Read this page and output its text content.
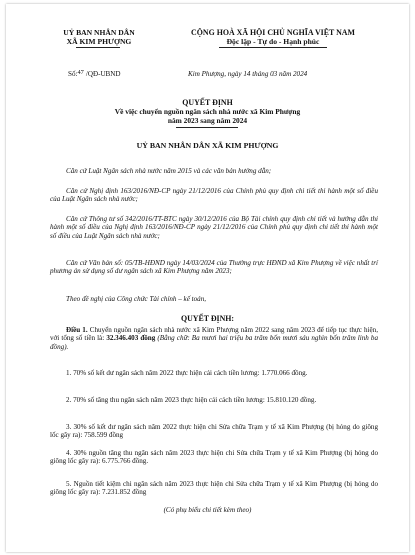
UỶ BAN NHÂN DÂN
XÃ KIM PHƯỢNG
CỘNG HOÀ XÃ HỘI CHỦ NGHĨA VIỆT NAM
Độc lập - Tự do - Hạnh phúc
Số:47 /QĐ-UBND	Kim Phượng, ngày 14 tháng 03 năm 2024
QUYẾT ĐỊNH
Về việc chuyển nguồn ngân sách nhà nước xã Kim Phượng
năm 2023 sang năm 2024
UỶ BAN NHÂN DÂN XÃ KIM PHƯỢNG

Căn cứ Luật Ngân sách nhà nước năm 2015 và các văn bản hướng dẫn;

Căn cứ Nghị định 163/2016/NĐ-CP ngày 21/12/2016 của Chính phủ quy định chi tiết thi hành một số điều của Luật Ngân sách nhà nước;

Căn cứ Thông tư số 342/2016/TT-BTC ngày 30/12/2016 của Bộ Tài chính quy định chi tiết và hướng dẫn thi hành một số điều của Nghị định 163/2016/NĐ-CP ngày 21/12/2016 của Chính phủ quy định chi tiết thi hành một số điều của Luật Ngân sách nhà nước;

Căn cứ Văn bản số: 05/TB-HĐND ngày 14/03/2024 của Thường trực HĐND xã Kim Phượng về việc nhất trí phương án sử dụng số dư ngân sách xã Kim Phượng năm 2023;

Theo đề nghị của Công chức Tài chính – kế toán,

QUYẾT ĐỊNH:

Điều 1. Chuyển nguồn ngân sách nhà nước xã Kim Phượng năm 2022 sang năm 2023 để tiếp tục thực hiện, với tổng số tiền là: 32.346.403 đồng (Bằng chữ: Ba mươi hai triệu ba trăm bốn mươi sáu nghìn bốn trăm linh ba đồng).

1. 70% số kết dư ngân sách năm 2022 thực hiện cải cách tiền lương: 1.770.066 đồng.

2. 70% số tăng thu ngân sách năm 2023 thực hiện cải cách tiền lương: 15.810.120 đồng.

3. 30% số kết dư ngân sách năm 2022 thực hiện chi Sửa chữa Trạm y tế xã Kim Phượng (bị hỏng do giông lốc gây ra): 758.599 đồng

4. 30% nguồn tăng thu ngân sách năm 2023 thực hiện chi Sửa chữa Trạm y tế xã Kim Phượng (bị hỏng do giông lốc gây ra): 6.775.766 đồng.

5. Nguồn tiết kiệm chi ngân sách năm 2023 thực hiện chi Sửa chữa Trạm y tế xã Kim Phượng (bị hỏng do giông lốc gây ra): 7.231.852 đồng

(Có phụ biểu chi tiết kèm theo)
